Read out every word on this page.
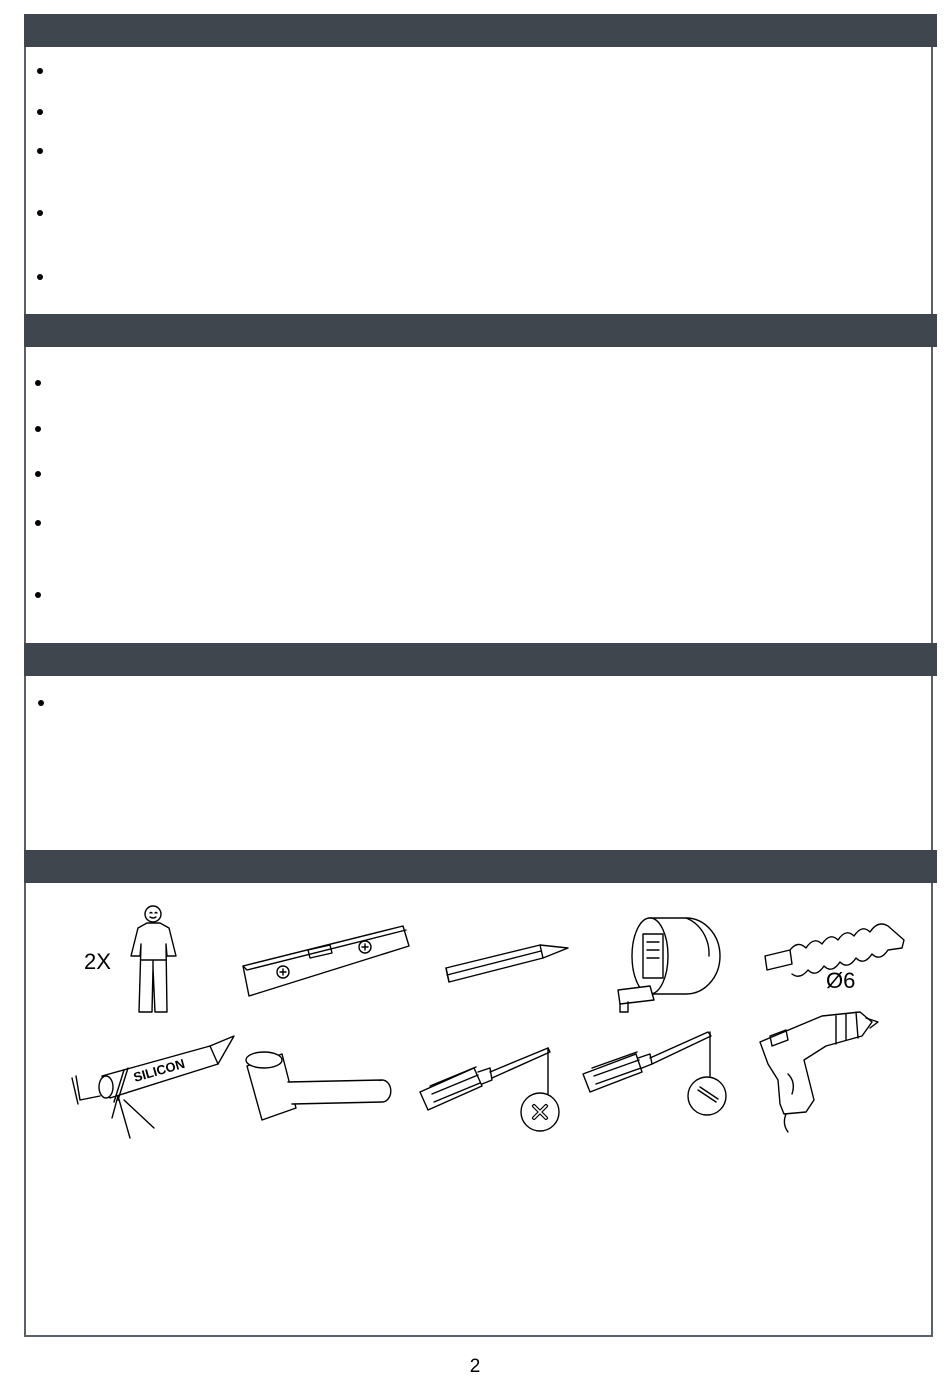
2X
Ø6
SILICON
2
